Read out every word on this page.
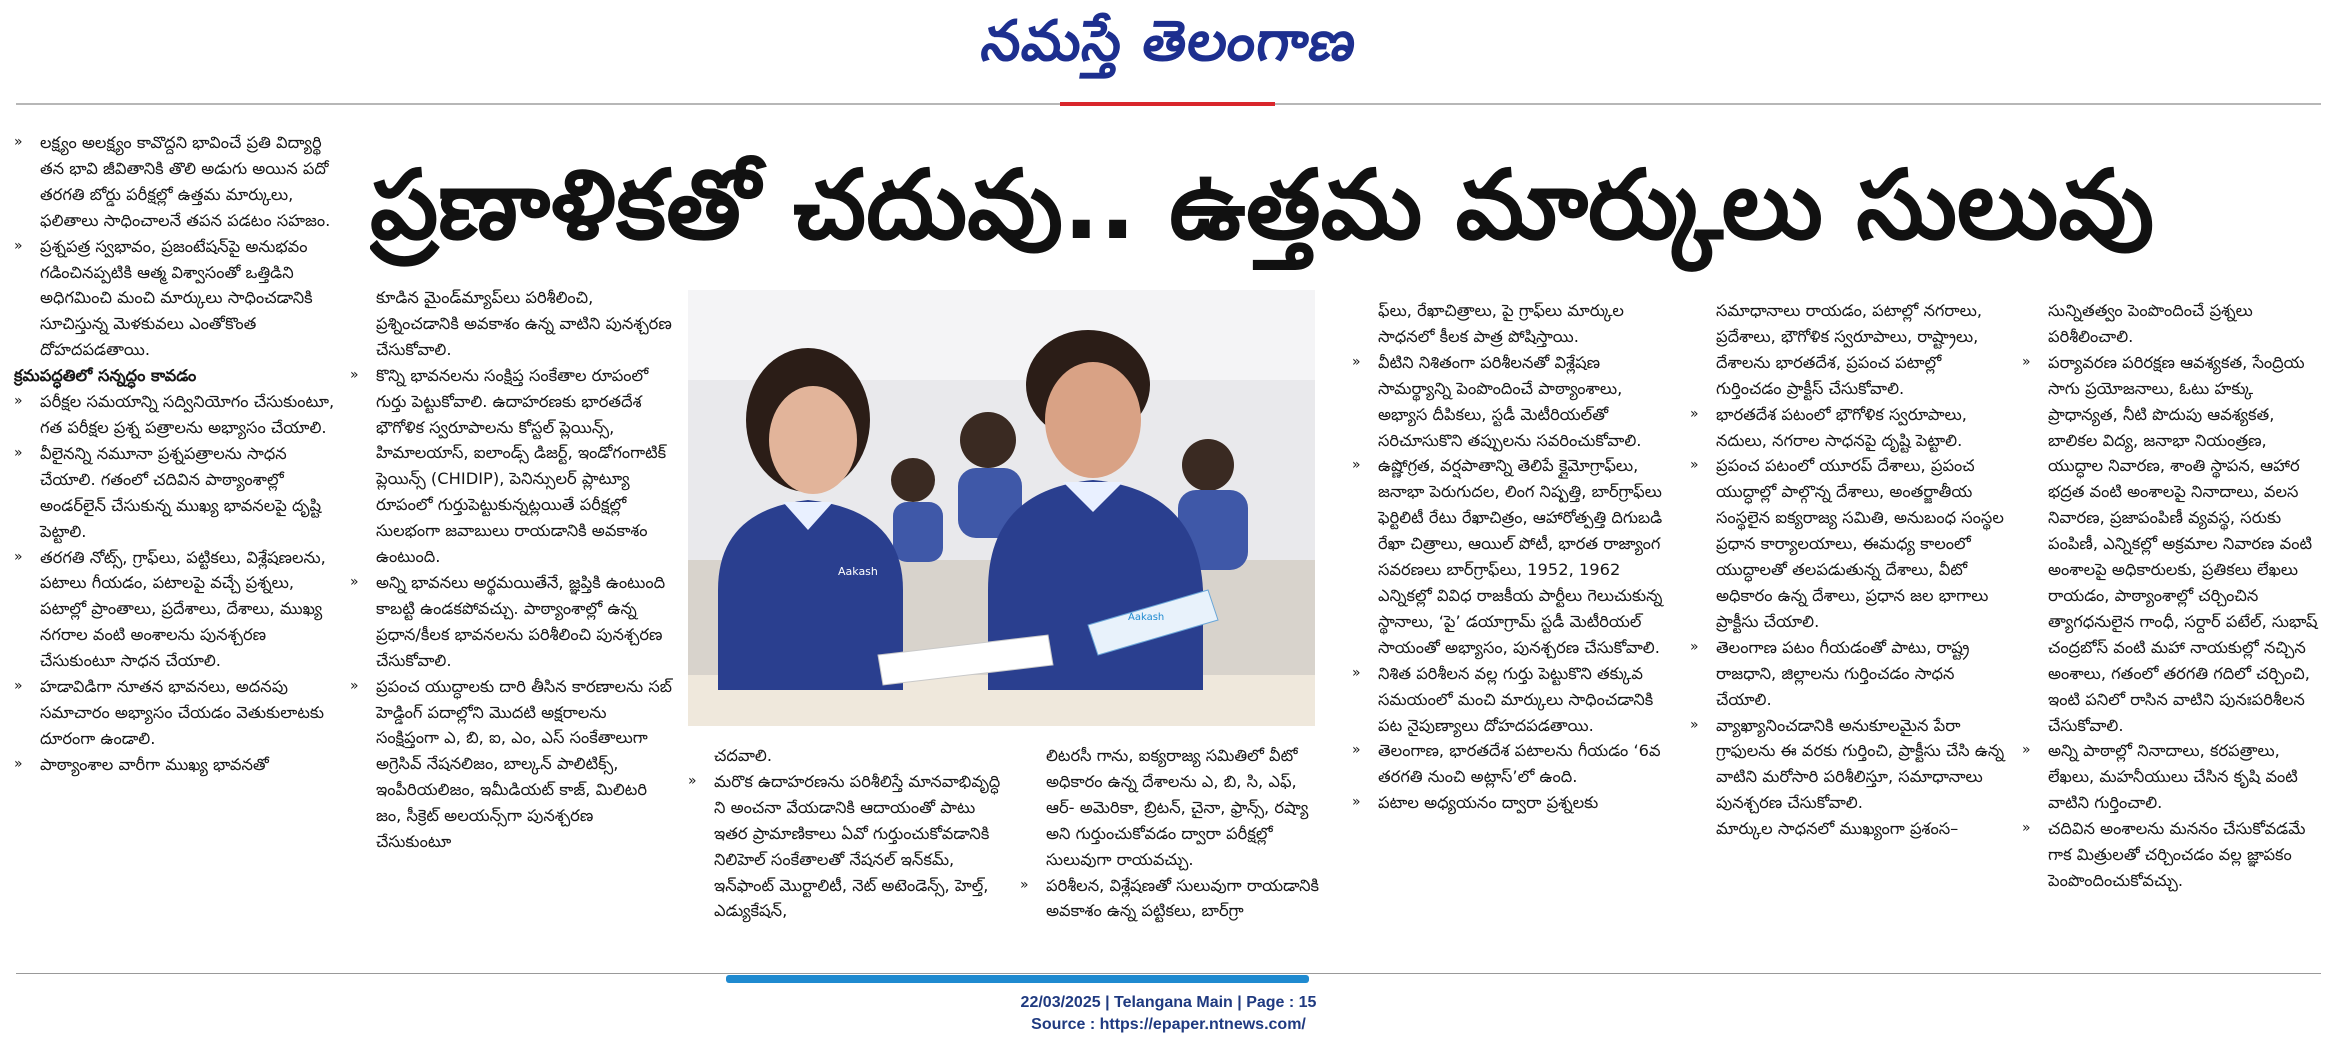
నమస్తే తెలంగాణ
»	లక్ష్యం అలక్ష్యం కావొద్దని భావించే ప్రతి విద్యార్థి తన భావి జీవితానికి తొలి అడుగు అయిన పదో తరగతి బోర్డు పరీక్షల్లో ఉత్తమ మార్కులు, ఫలితాలు సాధించాలనే తపన పడటం సహజం.
»	ప్రశ్నపత్ర స్వభావం, ప్రజంటేషన్‌పై అనుభవం గడించినప్పటికి ఆత్మ విశ్వాసంతో ఒత్తిడిని అధిగమించి మంచి మార్కులు సాధించడానికి సూచిస్తున్న మెళకువలు ఎంతోకొంత
దోహదపడతాయి.

క్రమపద్ధతిలో సన్నద్ధం కావడం

»	పరీక్షల సమయాన్ని సద్వినియోగం చేసుకుంటూ, గత పరీక్షల ప్రశ్న పత్రాలను అభ్యాసం చేయాలి.
»	వీలైనన్ని నమూనా ప్రశ్నపత్రాలను సాధన చేయాలి. గతంలో చదివిన పాఠ్యాంశాల్లో అండర్‌లైన్ చేసుకున్న ముఖ్య భావనలపై దృష్టి పెట్టాలి.
»	తరగతి నోట్స్, గ్రాఫ్‌లు, పట్టికలు, విశ్లేషణలను, పటాలు గీయడం, పటాలపై వచ్చే ప్రశ్నలు, పటాల్లో ప్రాంతాలు, ప్రదేశాలు, దేశాలు, ముఖ్య నగరాల వంటి అంశాలను పునశ్చరణ చేసుకుంటూ సాధన చేయాలి.
»	హడావిడిగా నూతన భావనలు, అదనపు సమాచారం అభ్యాసం చేయడం వెతుకులాటకు దూరంగా ఉండాలి.
»	పాఠ్యాంశాల వారీగా ముఖ్య భావనతో
ప్రణాళికతో చదువు.. ఉత్తమ మార్కులు సులువు

కూడిన మైండ్‌మ్యాప్‌లు పరిశీలించి, ప్రశ్నించడానికి అవకాశం ఉన్న వాటిని పునశ్చరణ చేసుకోవాలి.

»	కొన్ని భావనలను సంక్షిప్త సంకేతాల రూపంలో గుర్తు పెట్టుకోవాలి. ఉదాహరణకు భారతదేశ భౌగోళిక స్వరూపాలను కోస్టల్ ప్లెయిన్స్, హిమాలయాస్, ఐలాండ్స్ డిజర్ట్, ఇండోగంగాటిక్ ప్లెయిన్స్ (CHIDIP), పెనిన్సులర్ ప్లాట్యూ రూపంలో గుర్తుపెట్టుకున్నట్లయితే పరీక్షల్లో సులభంగా జవాబులు రాయడానికి అవకాశం ఉంటుంది.
»	అన్ని భావనలు అర్థమయితేనే, జ్ఞప్తికి ఉంటుంది కాబట్టి ఉండకపోవచ్చు. పాఠ్యాంశాల్లో ఉన్న ప్రధాన/కీలక భావనలను పరిశీలించి పునశ్చరణ చేసుకోవాలి.
»	ప్రపంచ యుద్ధాలకు దారి తీసిన కారణాలను సబ్ హెడ్డింగ్ పదాల్లోని మొదటి అక్షరాలను సంక్షిప్తంగా ఎ, బి, ఐ, ఎం, ఎస్ సంకేతాలుగా అగ్రెసివ్ నేషనలిజం, బాల్కన్ పాలిటిక్స్, ఇంపీరియలిజం, ఇమీడియట్ కాజ్, మిలిటరి జం, సీక్రెట్ అలయన్స్‌గా పునశ్చరణ చేసుకుంటూ
Aakash
Aakash

చదవాలి.

»	మరొక ఉదాహరణను పరిశీలిస్తే మానవాభివృద్ధి ని అంచనా వేయడానికి ఆదాయంతో పాటు ఇతర ప్రామాణికాలు ఏవో గుర్తుంచుకోవడానికి నిలిహెల్ సంకేతాలతో నేషనల్ ఇన్‌కమ్, ఇన్‌ఫాంట్ మొర్టాలిటీ, నెట్ అటెండెన్స్, హెల్త్, ఎడ్యుకేషన్,

లిటరసీ గాను, ఐక్యరాజ్య సమితిలో వీటో అధికారం ఉన్న దేశాలను ఎ, బి, సి, ఎఫ్, ఆర్- అమెరికా, బ్రిటన్, చైనా, ఫ్రాన్స్, రష్యా అని గుర్తుంచుకోవడం ద్వారా పరీక్షల్లో సులువుగా రాయవచ్చు.

»	పరిశీలన, విశ్లేషణతో సులువుగా రాయడానికి అవకాశం ఉన్న పట్టికలు, బార్‌గ్రా

ఫ్‌లు, రేఖాచిత్రాలు, పై గ్రాఫ్‌లు మార్కుల సాధనలో కీలక పాత్ర పోషిస్తాయి.

»	వీటిని నిశితంగా పరిశీలనతో విశ్లేషణ సామర్థ్యాన్ని పెంపొందించే పాఠ్యాంశాలు, అభ్యాస దీపికలు, స్టడీ మెటీరియల్‌తో సరిచూసుకొని తప్పులను సవరించుకోవాలి.
»	ఉష్ణోగ్రత, వర్షపాతాన్ని తెలిపే క్లైమోగ్రాఫ్‌లు, జనాభా పెరుగుదల, లింగ నిష్పత్తి, బార్‌గ్రాఫ్‌లు ఫెర్టిలిటీ రేటు రేఖాచిత్రం, ఆహారోత్పత్తి దిగుబడి రేఖా చిత్రాలు, ఆయిల్ పోటీ, భారత రాజ్యాంగ సవరణలు బార్‌గ్రాఫ్‌లు, 1952, 1962 ఎన్నికల్లో వివిధ రాజకీయ పార్టీలు గెలుచుకున్న స్థానాలు, ‘పై’ డయాగ్రామ్ స్టడీ మెటీరియల్ సాయంతో అభ్యాసం, పునశ్చరణ చేసుకోవాలి.
»	నిశిత పరిశీలన వల్ల గుర్తు పెట్టుకొని తక్కువ సమయంలో మంచి మార్కులు సాధించడానికి పట నైపుణ్యాలు దోహదపడతాయి.
»	తెలంగాణ, భారతదేశ పటాలను గీయడం ‘6వ తరగతి నుంచి అట్లాస్’లో ఉంది.
»	పటాల అధ్యయనం ద్వారా ప్రశ్నలకు

సమాధానాలు రాయడం, పటాల్లో నగరాలు, ప్రదేశాలు, భౌగోళిక స్వరూపాలు, రాష్ట్రాలు, దేశాలను భారతదేశ, ప్రపంచ పటాల్లో గుర్తించడం ప్రాక్టీస్ చేసుకోవాలి.

»	భారతదేశ పటంలో భౌగోళిక స్వరూపాలు, నదులు, నగరాల సాధనపై దృష్టి పెట్టాలి.
»	ప్రపంచ పటంలో యూరప్ దేశాలు, ప్రపంచ యుద్ధాల్లో పాల్గొన్న దేశాలు, అంతర్జాతీయ సంస్థలైన ఐక్యరాజ్య సమితి, అనుబంధ సంస్థల ప్రధాన కార్యాలయాలు, ఈమధ్య కాలంలో యుద్ధాలతో తలపడుతున్న దేశాలు, వీటో అధికారం ఉన్న దేశాలు, ప్రధాన జల భాగాలు ప్రాక్టీసు చేయాలి.
»	తెలంగాణ పటం గీయడంతో పాటు, రాష్ట్ర రాజధాని, జిల్లాలను గుర్తించడం సాధన చేయాలి.
»	వ్యాఖ్యానించడానికి అనుకూలమైన పేరా గ్రాఫులను ఈ వరకు గుర్తించి, ప్రాక్టీసు చేసి ఉన్న వాటిని మరోసారి పరిశీలిస్తూ, సమాధానాలు పునశ్చరణ చేసుకోవాలి.

మార్కుల సాధనలో ముఖ్యంగా ప్రశంస–

సున్నితత్వం పెంపొందించే ప్రశ్నలు పరిశీలించాలి.

»	పర్యావరణ పరిరక్షణ ఆవశ్యకత, సేంద్రియ సాగు ప్రయోజనాలు, ఓటు హక్కు ప్రాధాన్యత, నీటి పొదుపు ఆవశ్యకత, బాలికల విద్య, జనాభా నియంత్రణ, యుద్ధాల నివారణ, శాంతి స్థాపన, ఆహార భద్రత వంటి అంశాలపై నినాదాలు, వలస నివారణ, ప్రజాపంపిణీ వ్యవస్థ, సరుకు పంపిణీ, ఎన్నికల్లో అక్రమాల నివారణ వంటి అంశాలపై అధికారులకు, ప్రతికలు లేఖలు రాయడం, పాఠ్యాంశాల్లో చర్చించిన త్యాగధనులైన గాంధీ, సర్దార్ పటేల్, సుభాష్ చంద్రబోస్ వంటి మహా నాయకుల్లో నచ్చిన అంశాలు, గతంలో తరగతి గదిలో చర్చించి, ఇంటి పనిలో రాసిన వాటిని పునఃపరిశీలన చేసుకోవాలి.
»	అన్ని పాఠాల్లో నినాదాలు, కరపత్రాలు, లేఖలు, మహనీయులు చేసిన కృషి వంటి వాటిని గుర్తించాలి.
»	చదివిన అంశాలను మననం చేసుకోవడమే గాక మిత్రులతో చర్చించడం వల్ల జ్ఞాపకం పెంపొందించుకోవచ్చు.
22/03/2025 | Telangana Main | Page : 15
Source : https://epaper.ntnews.com/
